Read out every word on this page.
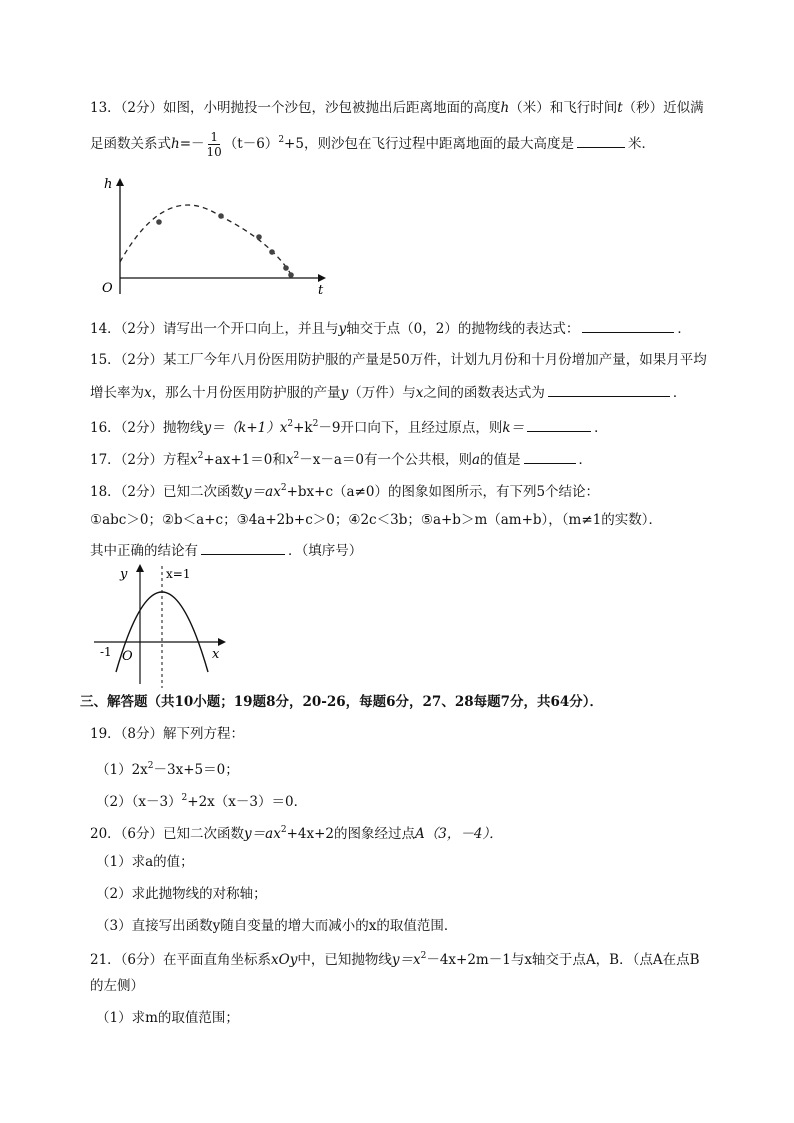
13．（2分）如图，小明抛投一个沙包，沙包被抛出后距离地面的高度h（米）和飞行时间t（秒）近似满
足函数关系式$h=- \frac{1}{10} (t-6)^2+5$，则沙包在飞行过程中距离地面的最大高度是	米．
h
O	t
14．（2分）请写出一个开口向上，并且与y轴交于点（0，2）的抛物线的表达式：	．
15．（2分）某工厂今年八月份医用防护服的产量是50万件，计划九月份和十月份增加产量，如果月平均
增长率为x，那么十月份医用防护服的产量y（万件）与x之间的函数表达式为	．
16．（2分）抛物线$y=(k+1)x^2+k^2-9$开口向下，且经过原点，则k＝	．
17．（2分）方程$x^2+ax+1=0$和$x^2-x-a=0$有一个公共根，则a的值是	．
18．（2分）已知二次函数$y=ax^2+bx+c(a\ne 0)$的图象如图所示，有下列5个结论：
①abc＞0；②b＜a+c；③4a+2b+c＞0；④2c＜3b；⑤a+b＞m（am+b），（m≠1的实数）．
其中正确的结论有	．（填序号）
y	x=1
-1 O	x
三、解答题（共10小题；19题8分，20-26，每题6分，27、28每题7分，共64分）．
19．（8分）解下列方程：
$(1)2x^2-3x+5=0$；
$(2)(x-3)^2+2x(x-3)=0$．
20．（6分）已知二次函数$y=ax^2+4x+2$的图象经过点A（3，－4）．
（1）求a的值；
（2）求此抛物线的对称轴；
（3）直接写出函数y随自变量的增大而减小的x的取值范围．
21．（6分）在平面直角坐标系xOy中，已知抛物线$y=x^2-4x+2m-1$与x轴交于点A，B．（点A在点B
的左侧）
（1）求m的取值范围；
